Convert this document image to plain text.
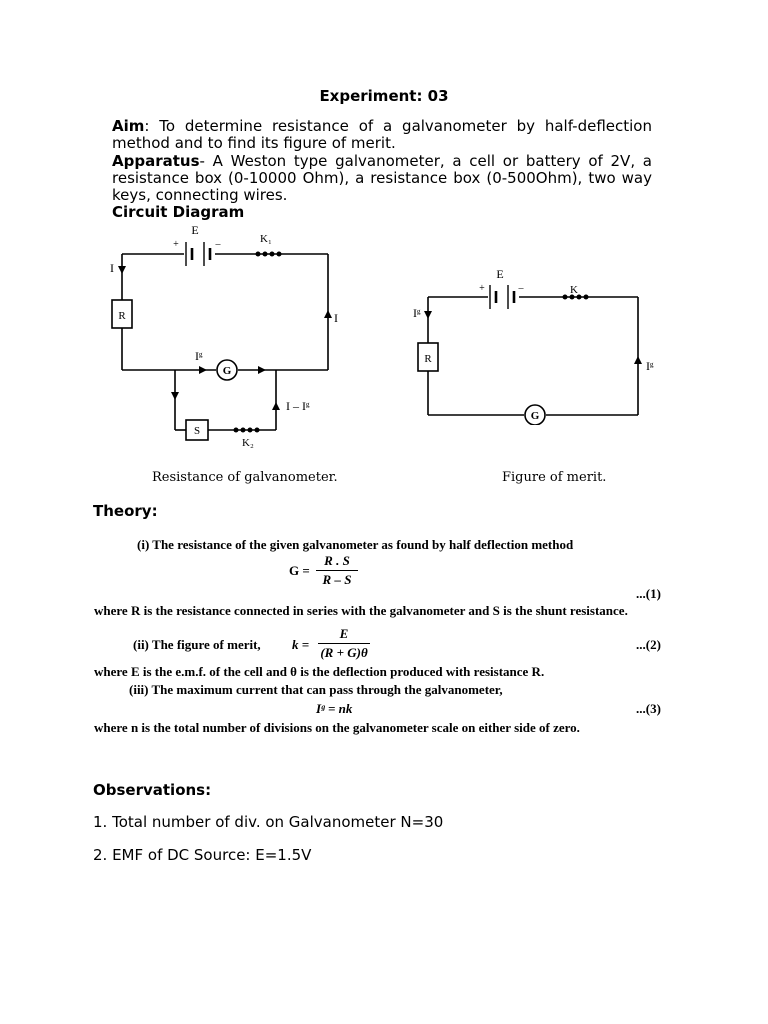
Experiment: 03
Aim: To determine resistance of a galvanometer by half-deflection method and to find its figure of merit.
Apparatus- A Weston type galvanometer, a cell or battery of 2V, a resistance box (0-10000 Ohm), a resistance box (0-500Ohm), two way keys, connecting wires.
Circuit Diagram
E
+	–	K₁
I
R
Iᵍ
G
I
S
K₂
I – Iᵍ
Resistance of galvanometer.
E
+	–	K
Iᵍ
R	Iᵍ
G
Figure of merit.
Theory:
(i) The resistance of the given galvanometer as found by half deflection method
G =
R . S
R – S
...(1)
where R is the resistance connected in series with the galvanometer and S is the shunt resistance.
(ii) The figure of merit, k =
E
(R + G)θ
...(2)
where E is the e.m.f. of the cell and θ is the deflection produced with resistance R.
(iii) The maximum current that can pass through the galvanometer,
Iᵍ = nk	...(3)
where n is the total number of divisions on the galvanometer scale on either side of zero.
Observations:
1. Total number of div. on Galvanometer N=30
2. EMF of DC Source: E=1.5V
